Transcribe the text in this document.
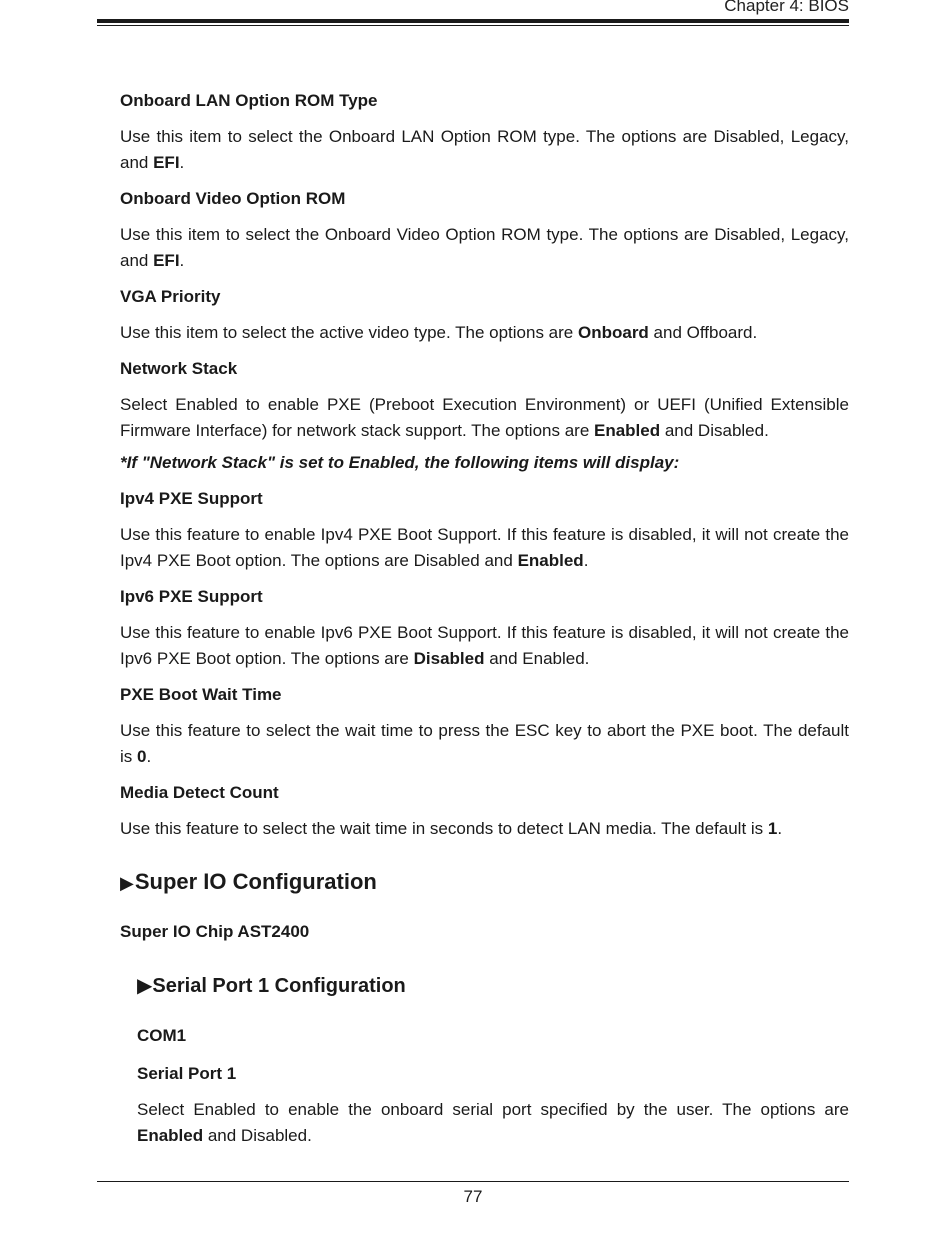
Chapter 4: BIOS
Onboard LAN Option ROM Type
Use this item to select the Onboard LAN Option ROM type. The options are Disabled, Legacy, and EFI.
Onboard Video Option ROM
Use this item to select the Onboard Video Option ROM type. The options are Disabled, Legacy, and EFI.
VGA Priority
Use this item to select the active video type. The options are Onboard and Offboard.
Network Stack
Select Enabled to enable PXE (Preboot Execution Environment) or UEFI (Unified Extensible Firmware Interface) for network stack support. The options are Enabled and Disabled.
*If "Network Stack" is set to Enabled, the following items will display:
Ipv4 PXE Support
Use this feature to enable Ipv4 PXE Boot Support. If this feature is disabled, it will not create the Ipv4 PXE Boot option. The options are Disabled and Enabled.
Ipv6 PXE Support
Use this feature to enable Ipv6 PXE Boot Support. If this feature is disabled, it will not create the Ipv6 PXE Boot option. The options are Disabled and Enabled.
PXE Boot Wait Time
Use this feature to select the wait time to press the ESC key to abort the PXE boot. The default is 0.
Media Detect Count
Use this feature to select the wait time in seconds to detect LAN media. The default is 1.
▶Super IO Configuration
Super IO Chip AST2400
▶Serial Port 1 Configuration
COM1
Serial Port 1
Select Enabled to enable the onboard serial port specified by the user. The options are Enabled and Disabled.
77
